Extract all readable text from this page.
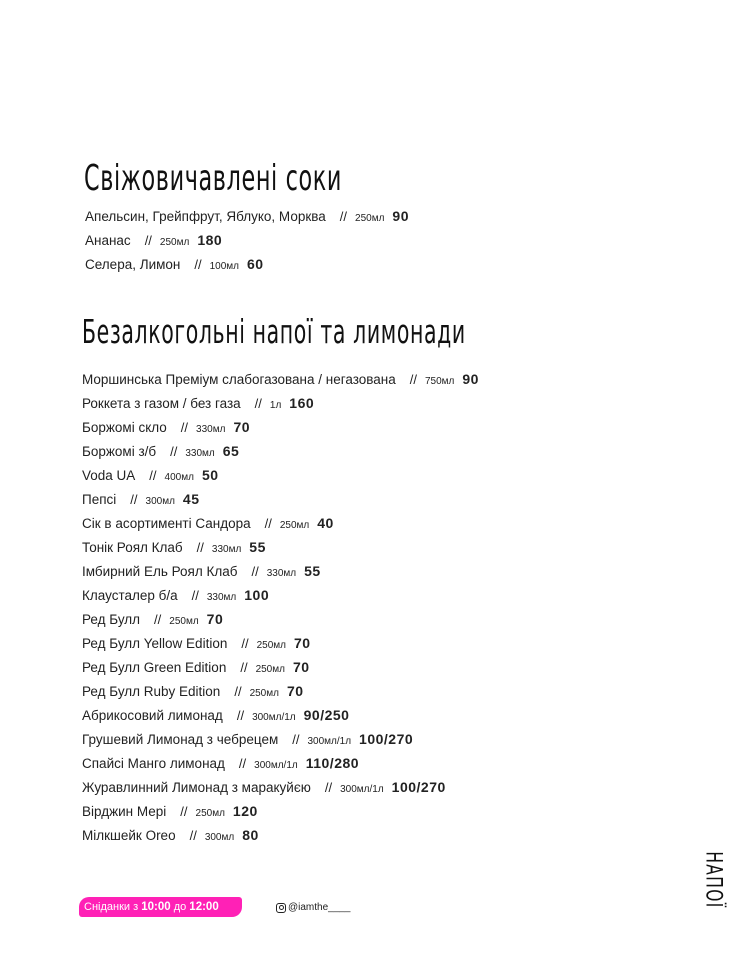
Свіжовичавлені соки
Апельсин, Грейпфрут, Яблуко, Морква // 250мл 90
Ананас // 250мл 180
Селера, Лимон // 100мл 60
Безалкогольні напої та лимонади
Моршинська Преміум слабогазована / негазована // 750мл 90
Роккета з газом / без газа // 1л 160
Боржомі скло // 330мл 70
Боржомі з/б // 330мл 65
Voda UA // 400мл 50
Пепсі // 300мл 45
Сік в асортименті Сандора // 250мл 40
Тонік Роял Клаб // 330мл 55
Імбирний Ель Роял Клаб // 330мл 55
Клаусталер б/а // 330мл 100
Ред Булл // 250мл 70
Ред Булл Yellow Edition // 250мл 70
Ред Булл Green Edition // 250мл 70
Ред Булл Ruby Edition // 250мл 70
Абрикосовий лимонад // 300мл/1л 90/250
Грушевий Лимонад з чебрецем // 300мл/1л 100/270
Спайсі Манго лимонад // 300мл/1л 110/280
Журавлинний Лимонад з маракуйєю // 300мл/1л 100/270
Вірджин Мері // 250мл 120
Мілкшейк Oreo // 300мл 80
Сніданки з 10:00 до 12:00	@iamthe____	НАПОЇ
